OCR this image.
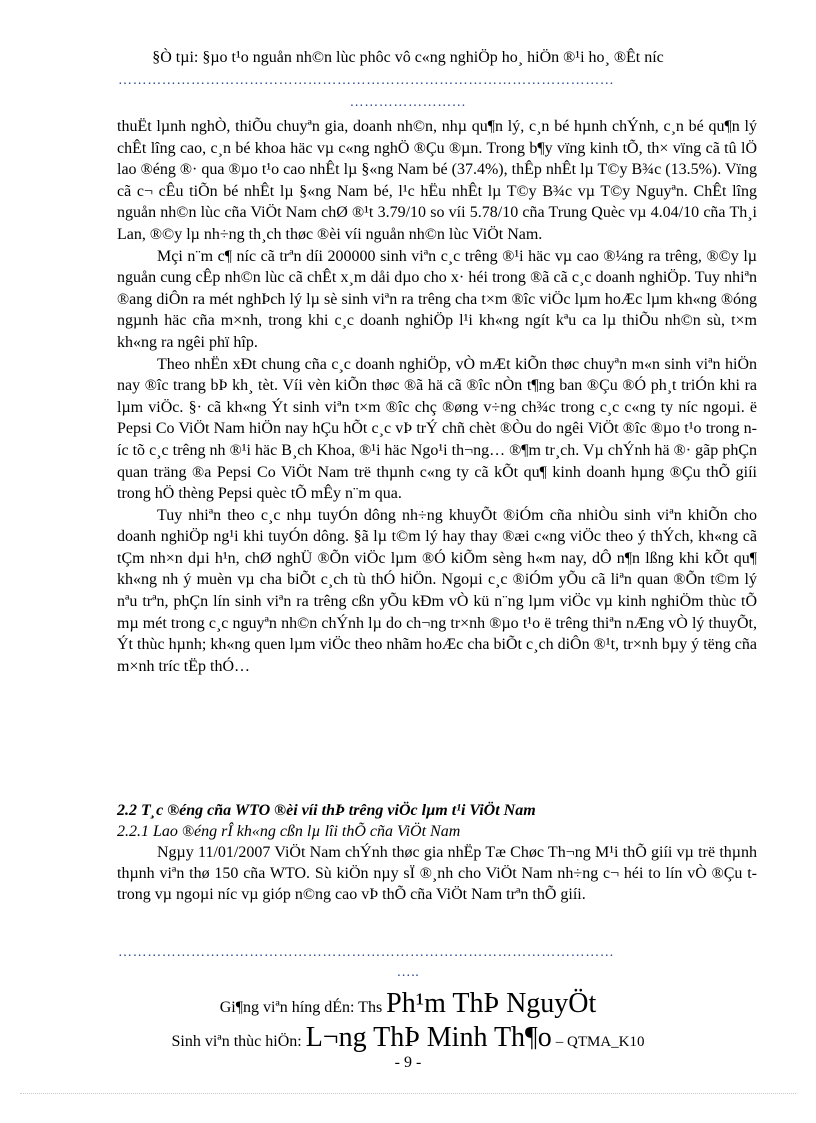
§Ò tµi: §µo t¹o nguån nh©n lùc phôc vô c«ng nghiÖp ho¸ hiÖn ®¹i ho¸ ®Êt níc
…………………………………………………………………………………………
……………………

thuËt lµnh nghÒ, thiÕu chuyªn gia, doanh nh©n, nhµ qu¶n lý, c¸n bé hµnh chÝnh, c¸n bé qu¶n lý chÊt lîng cao, c¸n bé khoa häc vµ c«ng nghÖ ®Çu ®µn. Trong b¶y vïng kinh tÕ, th× vïng cã tû lÖ lao ®éng ®· qua ®µo t¹o cao nhÊt lµ §«ng Nam bé (37.4%), thÊp nhÊt lµ T©y B¾c (13.5%). Vïng cã c¬ cÊu tiÕn bé nhÊt lµ §«ng Nam bé, l¹c hËu nhÊt lµ T©y B¾c vµ T©y Nguyªn. ChÊt lîng nguån nh©n lùc cña ViÖt Nam chØ ®¹t 3.79/10 so víi 5.78/10 cña Trung Quèc vµ 4.04/10 cña Th¸i Lan, ®©y lµ nh÷ng th¸ch thøc ®èi víi nguån nh©n lùc ViÖt Nam.

Mçi n¨m c¶ níc cã trªn díi 200000 sinh viªn c¸c trêng ®¹i häc vµ cao ®¼ng ra trêng, ®©y lµ nguån cung cÊp nh©n lùc cã chÊt x¸m dåi dµo cho x· héi trong ®ã cã c¸c doanh nghiÖp. Tuy nhiªn ®ang diÔn ra mét nghÞch lý lµ sè sinh viªn ra trêng cha t×m ®îc viÖc lµm hoÆc lµm kh«ng ®óng ngµnh häc cña m×nh, trong khi c¸c doanh nghiÖp l¹i kh«ng ngít kªu ca lµ thiÕu nh©n sù, t×m kh«ng ra ngêi phï hîp.

Theo nhËn xÐt chung cña c¸c doanh nghiÖp, vÒ mÆt kiÕn thøc chuyªn m«n sinh viªn hiÖn nay ®îc trang bÞ kh¸ tèt. Víi vèn kiÕn thøc ®ã hä cã ®îc nÒn t¶ng ban ®Çu ®Ó ph¸t triÓn khi ra lµm viÖc. §· cã kh«ng Ýt sinh viªn t×m ®îc chç ®øng v÷ng ch¾c trong c¸c c«ng ty níc ngoµi. ë Pepsi Co ViÖt Nam hiÖn nay hÇu hÕt c¸c vÞ trÝ chñ chèt ®Òu do ngêi ViÖt ®îc ®µo t¹o trong níc tõ c¸c trêng nh ®¹i häc B¸ch Khoa, ®¹i häc Ngo¹i th¬ng… ®¶m tr¸ch. Vµ chÝnh hä ®· gãp phÇn quan träng ®a Pepsi Co ViÖt Nam trë thµnh c«ng ty cã kÕt qu¶ kinh doanh hµng ®Çu thÕ giíi trong hÖ thèng Pepsi quèc tÕ mÊy n¨m qua.

Tuy nhiªn theo c¸c nhµ tuyÓn dông nh÷ng khuyÕt ®iÓm cña nhiÒu sinh viªn khiÕn cho doanh nghiÖp ng¹i khi tuyÓn dông. §ã lµ t©m lý hay thay ®æi c«ng viÖc theo ý thÝch, kh«ng cã tÇm nh×n dµi h¹n, chØ nghÜ ®Õn viÖc lµm ®Ó kiÕm sèng h«m nay, dÔ n¶n lßng khi kÕt qu¶ kh«ng nh ý muèn vµ cha biÕt c¸ch tù thÓ hiÖn. Ngoµi c¸c ®iÓm yÕu cã liªn quan ®Õn t©m lý nªu trªn, phÇn lín sinh viªn ra trêng cßn yÕu kÐm vÒ kü n¨ng lµm viÖc vµ kinh nghiÖm thùc tÕ mµ mét trong c¸c nguyªn nh©n chÝnh lµ do ch¬ng tr×nh ®µo t¹o ë trêng thiªn nÆng vÒ lý thuyÕt, Ýt thùc hµnh; kh«ng quen lµm viÖc theo nhãm hoÆc cha biÕt c¸ch diÔn ®¹t, tr×nh bµy ý tëng cña m×nh tríc tËp thÓ…

2.2 T¸c ®éng cña WTO ®èi víi thÞ trêng viÖc lµm t¹i ViÖt Nam

2.2.1 Lao ®éng rÎ kh«ng cßn lµ lîi thÕ cña ViÖt Nam

Ngµy 11/01/2007 ViÖt Nam chÝnh thøc gia nhËp Tæ Chøc Th¬ng M¹i thÕ giíi vµ trë thµnh thµnh viªn thø 150 cña WTO. Sù kiÖn nµy sÏ ®¸nh cho ViÖt Nam nh÷ng c¬ héi to lín vÒ ®Çu t trong vµ ngoµi níc vµ gióp n©ng cao vÞ thÕ cña ViÖt Nam trªn thÕ giíi.

…………………………………………………………………………………………
…..
Gi¶ng viªn híng dÉn: Ths Ph¹m ThÞ NguyÖt
Sinh viªn thùc hiÖn: L¬ng ThÞ Minh Th¶o – QTMA_K10
- 9 -
